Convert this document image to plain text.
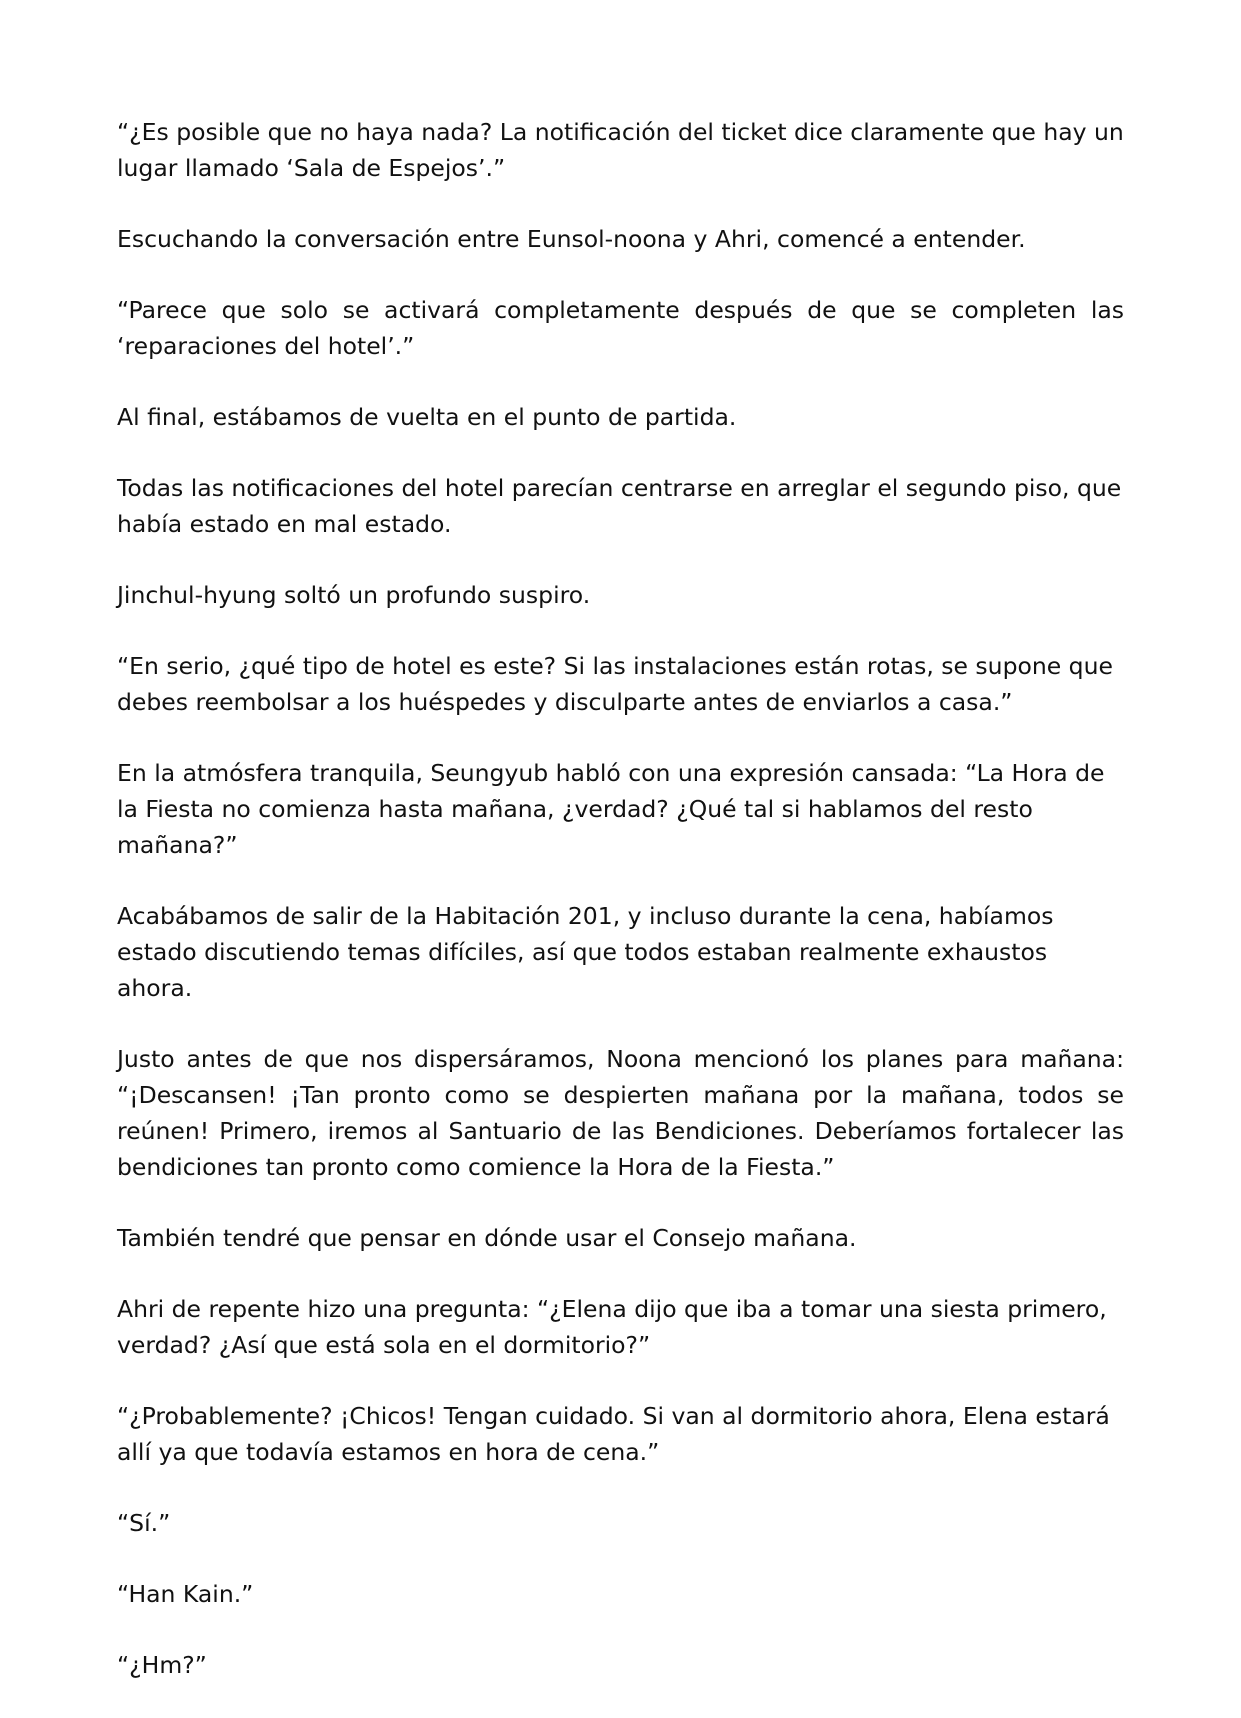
“¿Es posible que no haya nada? La notificación del ticket dice claramente que hay un lugar llamado ‘Sala de Espejos’.”

Escuchando la conversación entre Eunsol-noona y Ahri, comencé a entender.

“Parece que solo se activará completamente después de que se completen las ‘reparaciones del hotel’.”

Al final, estábamos de vuelta en el punto de partida.

Todas las notificaciones del hotel parecían centrarse en arreglar el segundo piso, que había estado en mal estado.

Jinchul-hyung soltó un profundo suspiro.

“En serio, ¿qué tipo de hotel es este? Si las instalaciones están rotas, se supone que debes reembolsar a los huéspedes y disculparte antes de enviarlos a casa.”

En la atmósfera tranquila, Seungyub habló con una expresión cansada: “La Hora de la Fiesta no comienza hasta mañana, ¿verdad? ¿Qué tal si hablamos del resto mañana?”

Acabábamos de salir de la Habitación 201, y incluso durante la cena, habíamos estado discutiendo temas difíciles, así que todos estaban realmente exhaustos ahora.

Justo antes de que nos dispersáramos, Noona mencionó los planes para mañana: “¡Descansen! ¡Tan pronto como se despierten mañana por la mañana, todos se reúnen! Primero, iremos al Santuario de las Bendiciones. Deberíamos fortalecer las bendiciones tan pronto como comience la Hora de la Fiesta.”

También tendré que pensar en dónde usar el Consejo mañana.

Ahri de repente hizo una pregunta: “¿Elena dijo que iba a tomar una siesta primero, verdad? ¿Así que está sola en el dormitorio?”

“¿Probablemente? ¡Chicos! Tengan cuidado. Si van al dormitorio ahora, Elena estará allí ya que todavía estamos en hora de cena.”

“Sí.”

“Han Kain.”

“¿Hm?”
